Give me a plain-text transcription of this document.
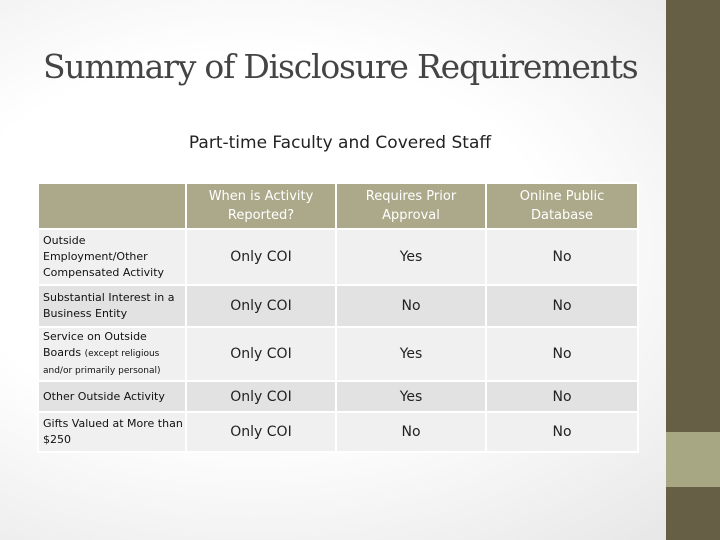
Summary of Disclosure Requirements
Part-time Faculty and Covered Staff
	When is Activity Reported?	Requires Prior Approval	Online Public Database
Outside Employment/Other Compensated Activity	Only COI	Yes	No
Substantial Interest in a Business Entity	Only COI	No	No
Service on Outside Boards (except religious and/or primarily personal)	Only COI	Yes	No
Other Outside Activity	Only COI	Yes	No
Gifts Valued at More than $250	Only COI	No	No
